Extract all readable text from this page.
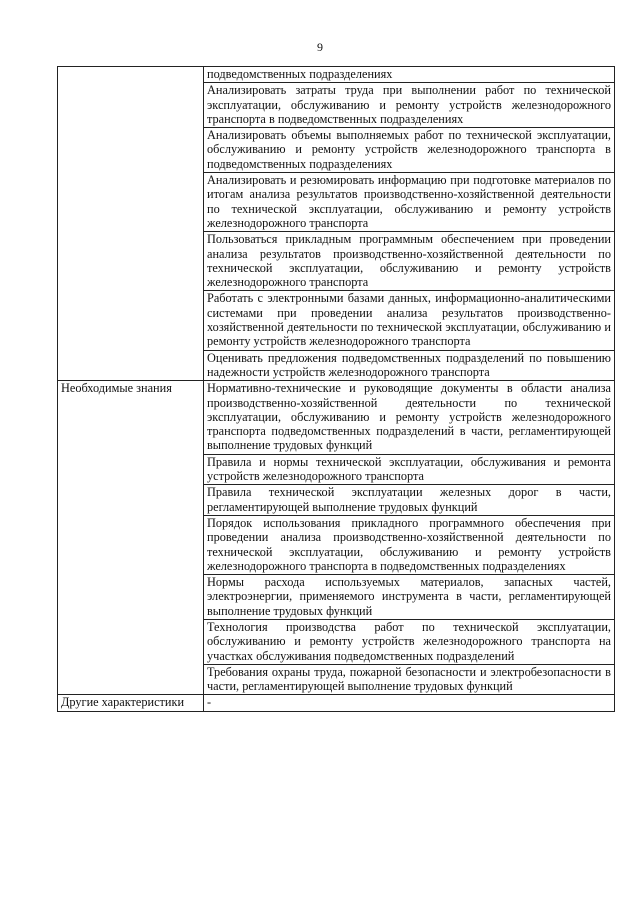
9
	подведомственных подразделениях
	Анализировать затраты труда при выполнении работ по технической эксплуатации, обслуживанию и ремонту устройств железнодорожного транспорта в подведомственных подразделениях
	Анализировать объемы выполняемых работ по технической эксплуатации, обслуживанию и ремонту устройств железнодорожного транспорта в подведомственных подразделениях
	Анализировать и резюмировать информацию при подготовке материалов по итогам анализа результатов производственно-хозяйственной деятельности по технической эксплуатации, обслуживанию и ремонту устройств железнодорожного транспорта
	Пользоваться прикладным программным обеспечением при проведении анализа результатов производственно-хозяйственной деятельности по технической эксплуатации, обслуживанию и ремонту устройств железнодорожного транспорта
	Работать с электронными базами данных, информационно-аналитическими системами при проведении анализа результатов производственно-хозяйственной деятельности по технической эксплуатации, обслуживанию и ремонту устройств железнодорожного транспорта
	Оценивать предложения подведомственных подразделений по повышению надежности устройств железнодорожного транспорта
Необходимые знания	Нормативно-технические и руководящие документы в области анализа производственно-хозяйственной деятельности по технической эксплуатации, обслуживанию и ремонту устройств железнодорожного транспорта подведомственных подразделений в части, регламентирующей выполнение трудовых функций
	Правила и нормы технической эксплуатации, обслуживания и ремонта устройств железнодорожного транспорта
	Правила технической эксплуатации железных дорог в части, регламентирующей выполнение трудовых функций
	Порядок использования прикладного программного обеспечения при проведении анализа производственно-хозяйственной деятельности по технической эксплуатации, обслуживанию и ремонту устройств железнодорожного транспорта в подведомственных подразделениях
	Нормы расхода используемых материалов, запасных частей, электроэнергии, применяемого инструмента в части, регламентирующей выполнение трудовых функций
	Технология производства работ по технической эксплуатации, обслуживанию и ремонту устройств железнодорожного транспорта на участках обслуживания подведомственных подразделений
	Требования охраны труда, пожарной безопасности и электробезопасности в части, регламентирующей выполнение трудовых функций
Другие характеристики	-
